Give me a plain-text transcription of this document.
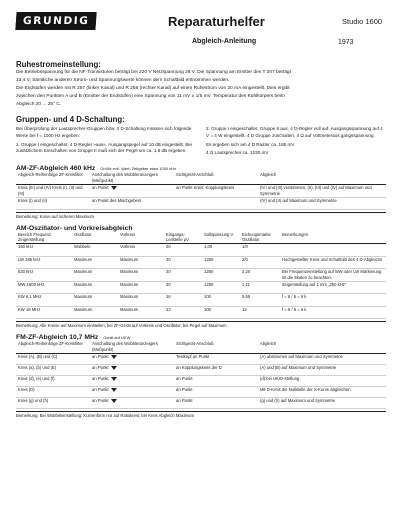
GRUNDIG	Reparaturhelfer	Studio 1600
Abgleich-Anleitung	1973

Ruhestromeinstellung:

Die Betriebsspannung für die NF-Transistoren beträgt bei 220 V Netzspannung 28 V. Die Spannung am Emitter des T 207 beträgt

13,4 V. Sämtliche anderen Strom- und Spannungswerte können dem Schaltbild entnommen werden.

Die Endstufen werden mit R 257 (linker Kanal) und R 258 (rechter Kanal) auf einen Ruhestrom von 20 mA eingestellt. Dies ergibt

zwischen den Punkten A und B (Emitter der Endstufen) eine Spannung von 11 mV ± 1/5 mV. Temperatur des Kühlkörpers beim

Abgleich 20 ... 25° C.

Gruppen- und 4 D-Schaltung:

Bei Überprüfung der Lautsprecher-Gruppen bzw. 4 D-Schaltung müssen sich folgende Werte bei f = 1000 Hz ergeben:

1. Gruppe I eingeschaltet, 4 D-Regler »aus«. Ausgangspegel auf 10 dB eingestellt. Bei zusätzlichem Einschalten von Gruppe II muß sich der Pegel um ca. 1,8 dB ergeben.

2. Gruppe I eingeschaltet, Gruppe II aus, 4 D-Regler voll auf. Ausgangsspannung auf 4 V = 4 W eingestellt. 4 D Gruppe zuschalten, 4 Ω auf Voltmeteraus gangsspannung.

Es ergeben sich am 4 D Raster ca. 185 mV

4 Ω Lautsprecher ca. 1030 mV

AM-ZF-Abgleich 460 kHz Größe evtl. Wert; Zeitgeber etwa 1000 kHz
Abgleich-Reihenfolge ZF-Kreisfilter	Anschaltung des Wobbleranzeigers (Meßpunkt)	Sichtgerät-Anschluß	Abgleich
Kreis (III) und (IV) Kreis (I), (II) und (III)	an Punkt	an Punkt Kreis: Kopplungskreis	(IV) und (III) verstimmen; (II), (III) und (IV) auf Maximum und Symmetrie
Kreis (I) und (II)	an Punkt des Mischgebers		(IV) und (II) auf Maximum und Symmetrie

Bemerkung: Kurve auf sicheren Maximum

AM-Oszillator- und Vorkreisabgleich
Bereich Frequenz Zeigerstellung	Oszillator	Vorkreis	Eingangs-Leitstelle µV	Sollspannung V	Eichungsmarke Oszillator	Bemerkungen
150 kHz	Wobbeln	Vorkreis	20	1,00	1/0	
LW 285 kHz	Maximum	Maximum	20	1280	2/0	Hochgestellter Kreis und Schaltbild des 4 D-Abgleichs
520 kHz	Maximum	Maximum	20	1280	2,20	Bei Frequenzeinstellung auf MW oder LW Markierung ist die Skalen zu beachten.
MW 1600 kHz	Maximum	Maximum	20	1280	1,11	Zeigerstellung auf 1 mm „250 kHz“
KW 6,1 MHz	Maximum	Maximum	16	100	5,55	f = 6 / 6 = 6 k
KW 18 MHz	Maximum	Maximum	12	100	12	f = 6 / 6 = 6 k

Bemerkung: Alle Kreise auf Maximum einstellen, bei ZF-Gerät auf Vorkreis und Oszillator, bei Pegel auf Maximum

FM-ZF-Abgleich 10,7 MHz Gerät auf UKW
Abgleich-Reihenfolge ZF-Kreisfilter	Anschaltung des Wobbleranzeigers (Meßpunkt)	Sichtgerät-Anschluß	Abgleich
Kreis (A), (B) und (C)	an Punkt	Testkopf an Punkt	(A) abstimmen auf Maximum und Symmetrie
Kreis (a), (b) und (E)	an Punkt	an Kopplungskreis der D	(A) und (B) auf Maximum und Symmetrie
Kreis (d), (e) und (f)	an Punkt	an Punkt	(d) bei UKW-Stellung
Kreis (D)	an Punkt	an Punkt	Mit D-Kreis die Nullstelle der S-Kurve abgleichen
Kreis (g) und (h)	an Punkt	an Punkt	(g) und (h) auf Maximum und Symmetrie

Bemerkung: Bei Wobbeleinstellung: Kurvenform nur auf Ratiokreis; bei Kreis Abgleich Maximum
